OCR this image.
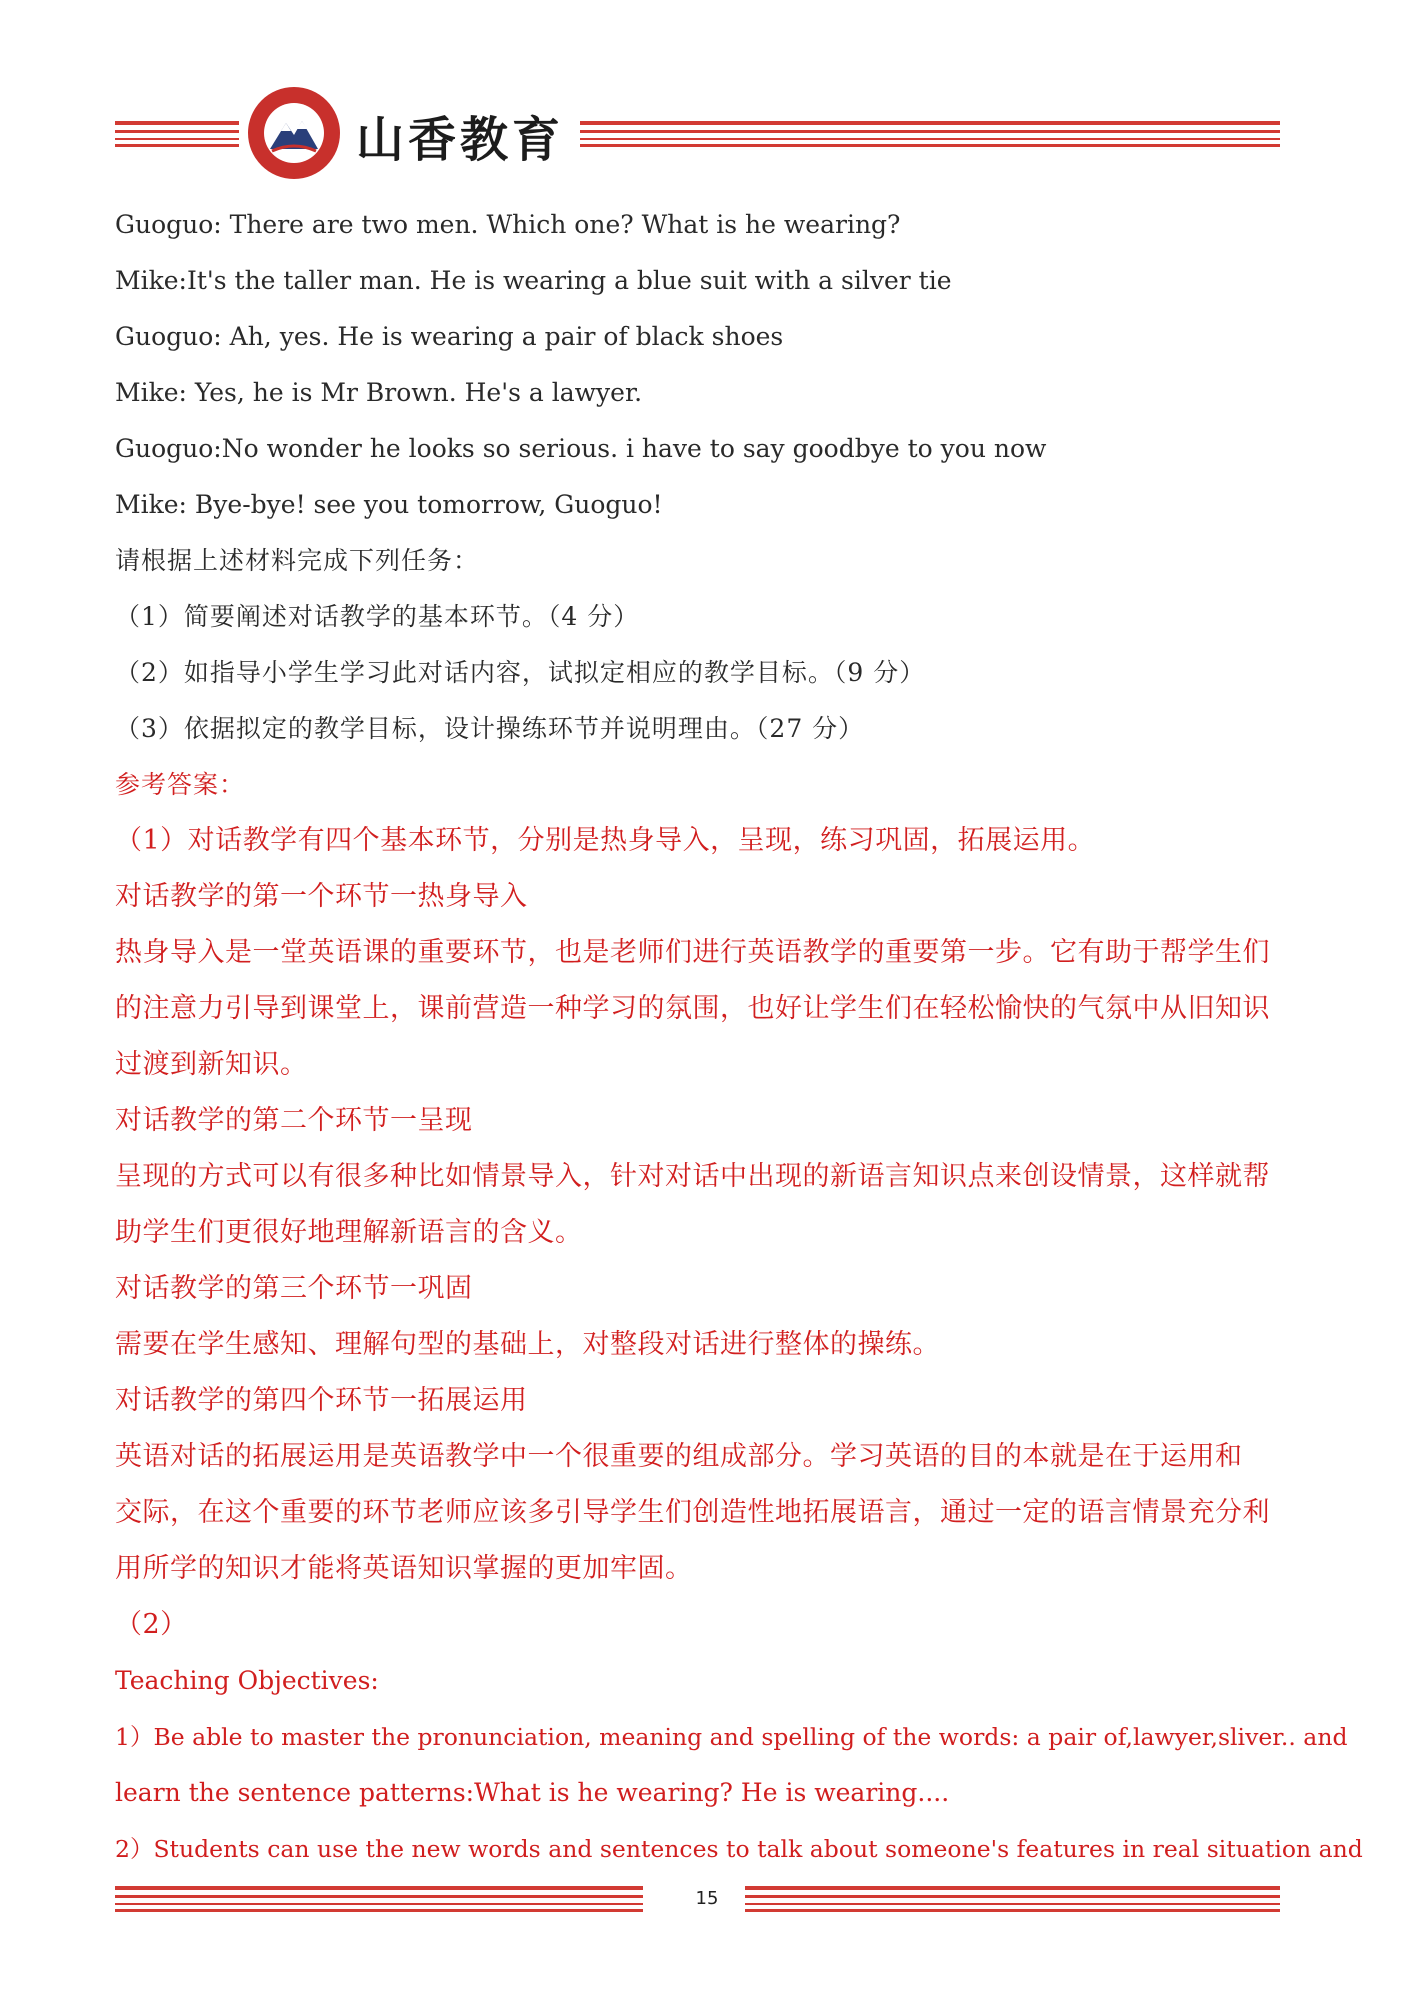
山香教育
Guoguo: There are two men. Which one? What is he wearing?
Mike:It's the taller man. He is wearing a blue suit with a silver tie
Guoguo: Ah, yes. He is wearing a pair of black shoes
Mike: Yes, he is Mr Brown. He's a lawyer.
Guoguo:No wonder he looks so serious. i have to say goodbye to you now
Mike: Bye-bye! see you tomorrow, Guoguo!
请根据上述材料完成下列任务：
（1）简要阐述对话教学的基本环节。（4 分）
（2）如指导小学生学习此对话内容，试拟定相应的教学目标。（9 分）
（3）依据拟定的教学目标，设计操练环节并说明理由。（27 分）
参考答案：
（1）对话教学有四个基本环节，分别是热身导入，呈现，练习巩固，拓展运用。
对话教学的第一个环节一热身导入
热身导入是一堂英语课的重要环节，也是老师们进行英语教学的重要第一步。它有助于帮学生们
的注意力引导到课堂上，课前营造一种学习的氛围，也好让学生们在轻松愉快的气氛中从旧知识
过渡到新知识。
对话教学的第二个环节一呈现
呈现的方式可以有很多种比如情景导入，针对对话中出现的新语言知识点来创设情景，这样就帮
助学生们更很好地理解新语言的含义。
对话教学的第三个环节一巩固
需要在学生感知、理解句型的基础上，对整段对话进行整体的操练。
对话教学的第四个环节一拓展运用
英语对话的拓展运用是英语教学中一个很重要的组成部分。学习英语的目的本就是在于运用和
交际，在这个重要的环节老师应该多引导学生们创造性地拓展语言，通过一定的语言情景充分利
用所学的知识才能将英语知识掌握的更加牢固。
（2）
Teaching Objectives:
1）Be able to master the pronunciation, meaning and spelling of the words: a pair of,lawyer,sliver.. and
learn the sentence patterns:What is he wearing? He is wearing....
2）Students can use the new words and sentences to talk about someone's features in real situation and
15
